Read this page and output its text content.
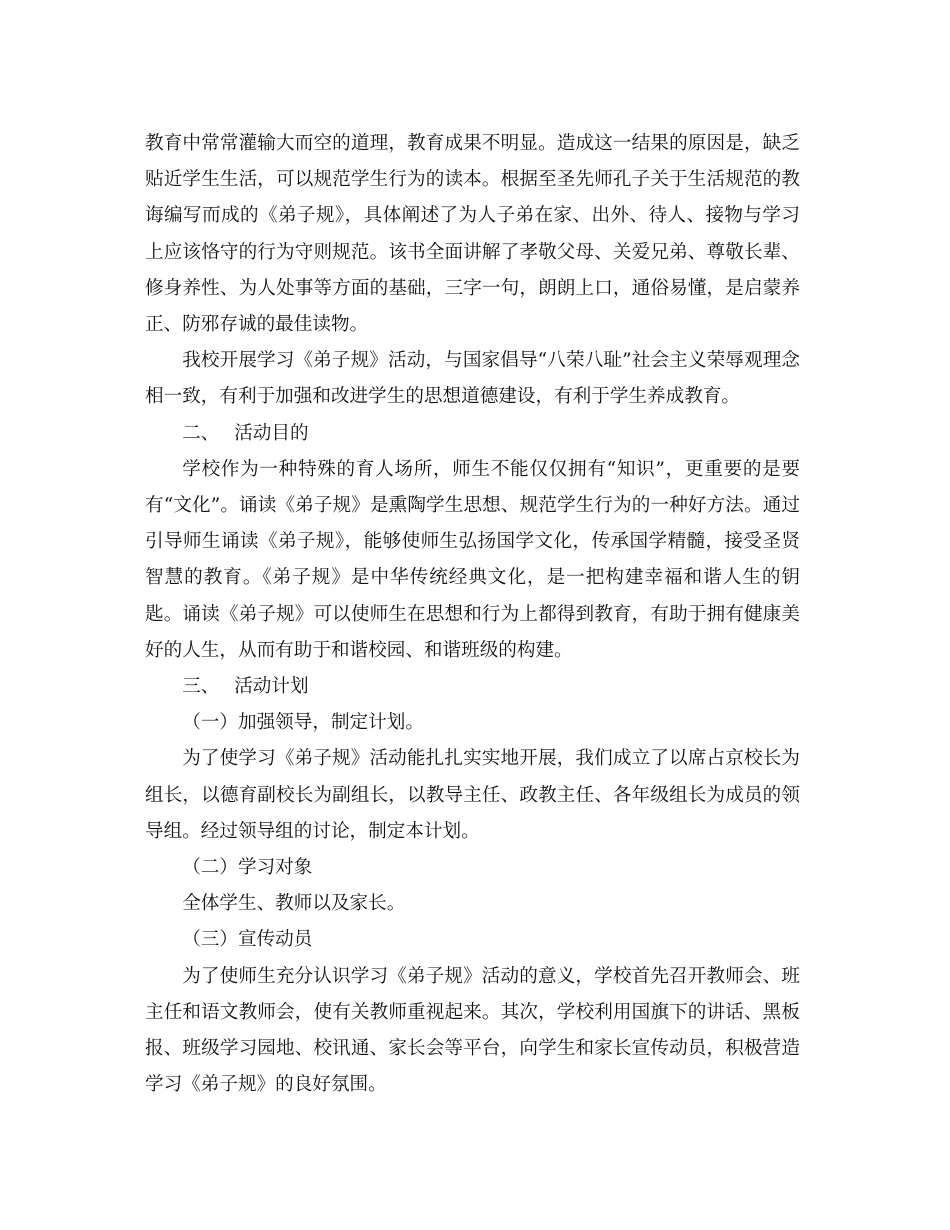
教育中常常灌输大而空的道理，教育成果不明显。造成这一结果的原因是，缺乏贴近学生生活，可以规范学生行为的读本。根据至圣先师孔子关于生活规范的教诲编写而成的《弟子规》，具体阐述了为人子弟在家、出外、待人、接物与学习上应该恪守的行为守则规范。该书全面讲解了孝敬父母、关爱兄弟、尊敬长辈、修身养性、为人处事等方面的基础，三字一句，朗朗上口，通俗易懂，是启蒙养正、防邪存诚的最佳读物。

我校开展学习《弟子规》活动，与国家倡导“八荣八耻”社会主义荣辱观理念相一致，有利于加强和改进学生的思想道德建设，有利于学生养成教育。

二、 活动目的

学校作为一种特殊的育人场所，师生不能仅仅拥有“知识”，更重要的是要有“文化”。诵读《弟子规》是熏陶学生思想、规范学生行为的一种好方法。通过引导师生诵读《弟子规》，能够使师生弘扬国学文化，传承国学精髓，接受圣贤智慧的教育。《弟子规》是中华传统经典文化，是一把构建幸福和谐人生的钥匙。诵读《弟子规》可以使师生在思想和行为上都得到教育，有助于拥有健康美好的人生，从而有助于和谐校园、和谐班级的构建。

三、 活动计划

（一）加强领导，制定计划。

为了使学习《弟子规》活动能扎扎实实地开展，我们成立了以席占京校长为组长，以德育副校长为副组长，以教导主任、政教主任、各年级组长为成员的领导组。经过领导组的讨论，制定本计划。

（二）学习对象

全体学生、教师以及家长。

（三）宣传动员

为了使师生充分认识学习《弟子规》活动的意义，学校首先召开教师会、班主任和语文教师会，使有关教师重视起来。其次，学校利用国旗下的讲话、黑板报、班级学习园地、校讯通、家长会等平台，向学生和家长宣传动员，积极营造学习《弟子规》的良好氛围。
